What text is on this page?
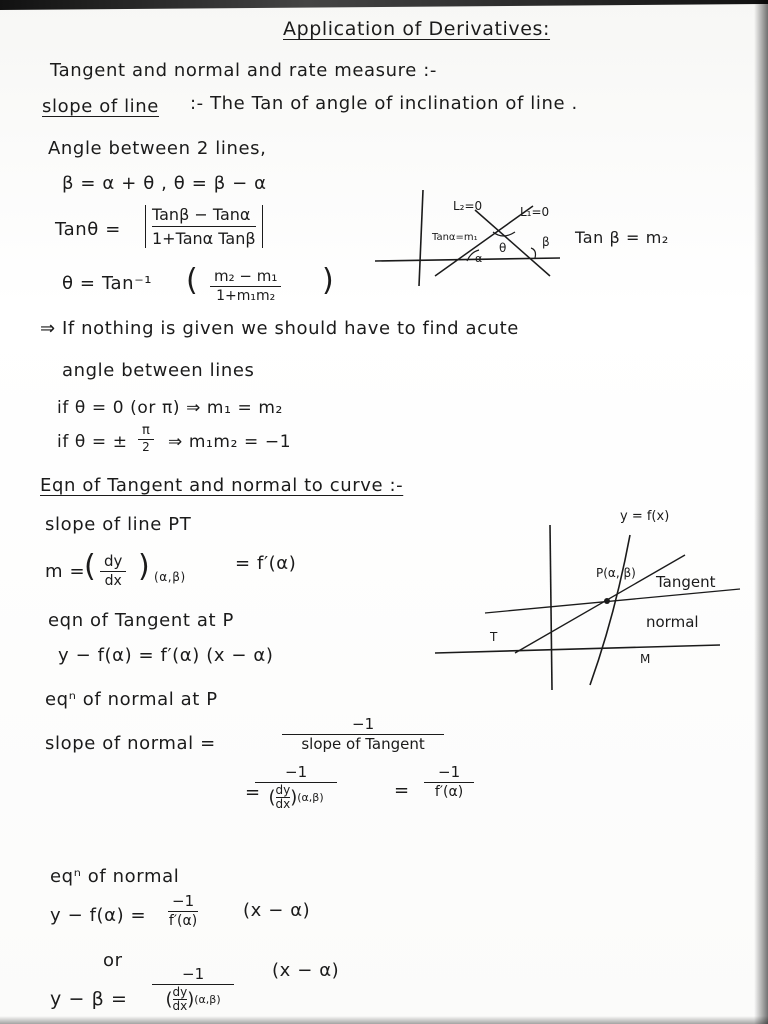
Application of Derivatives:
Tangent and normal and rate measure :-
slope of line :- The Tan of angle of inclination of line .
Angle between 2 lines,
β = α + θ , θ = β − α
Tanθ =
Tanβ − Tanα
1+Tanα Tanβ
θ = Tan⁻¹ ( $\frac{\text{m₂ − m₁}}{\text{1+m₁m₂}}$ )
L₂=0	L₁=0
Tanα=m₁
θ
α
β Tan β = m₂
⇒ If nothing is given we should have to find acute
angle between lines
if θ = 0 (or π) ⇒ m₁ = m₂
if θ = ± $\frac{\pi}{2}$ ⇒ m₁m₂ = −1
Eqn of Tangent and normal to curve :-
slope of line PT
m =
( $\frac{dy}{dx}$ ) (α,β)
= f′(α)
eqn of Tangent at P
y − f(α) = f′(α) (x − α)
eqⁿ of normal at P
slope of normal =
−1
slope of Tangent
=
−1
( dy
dx ) (α,β)	= $\frac{-1}{f'(\alpha)}$
y = f(x)
P(α, β) Tangent
normal
T
M
eqⁿ of normal
$y - f(\alpha) = \frac{-1}{f'(\alpha)} (x - \alpha)$
or
y − β = −1
( dy
dx ) (α,β) (x − α)
